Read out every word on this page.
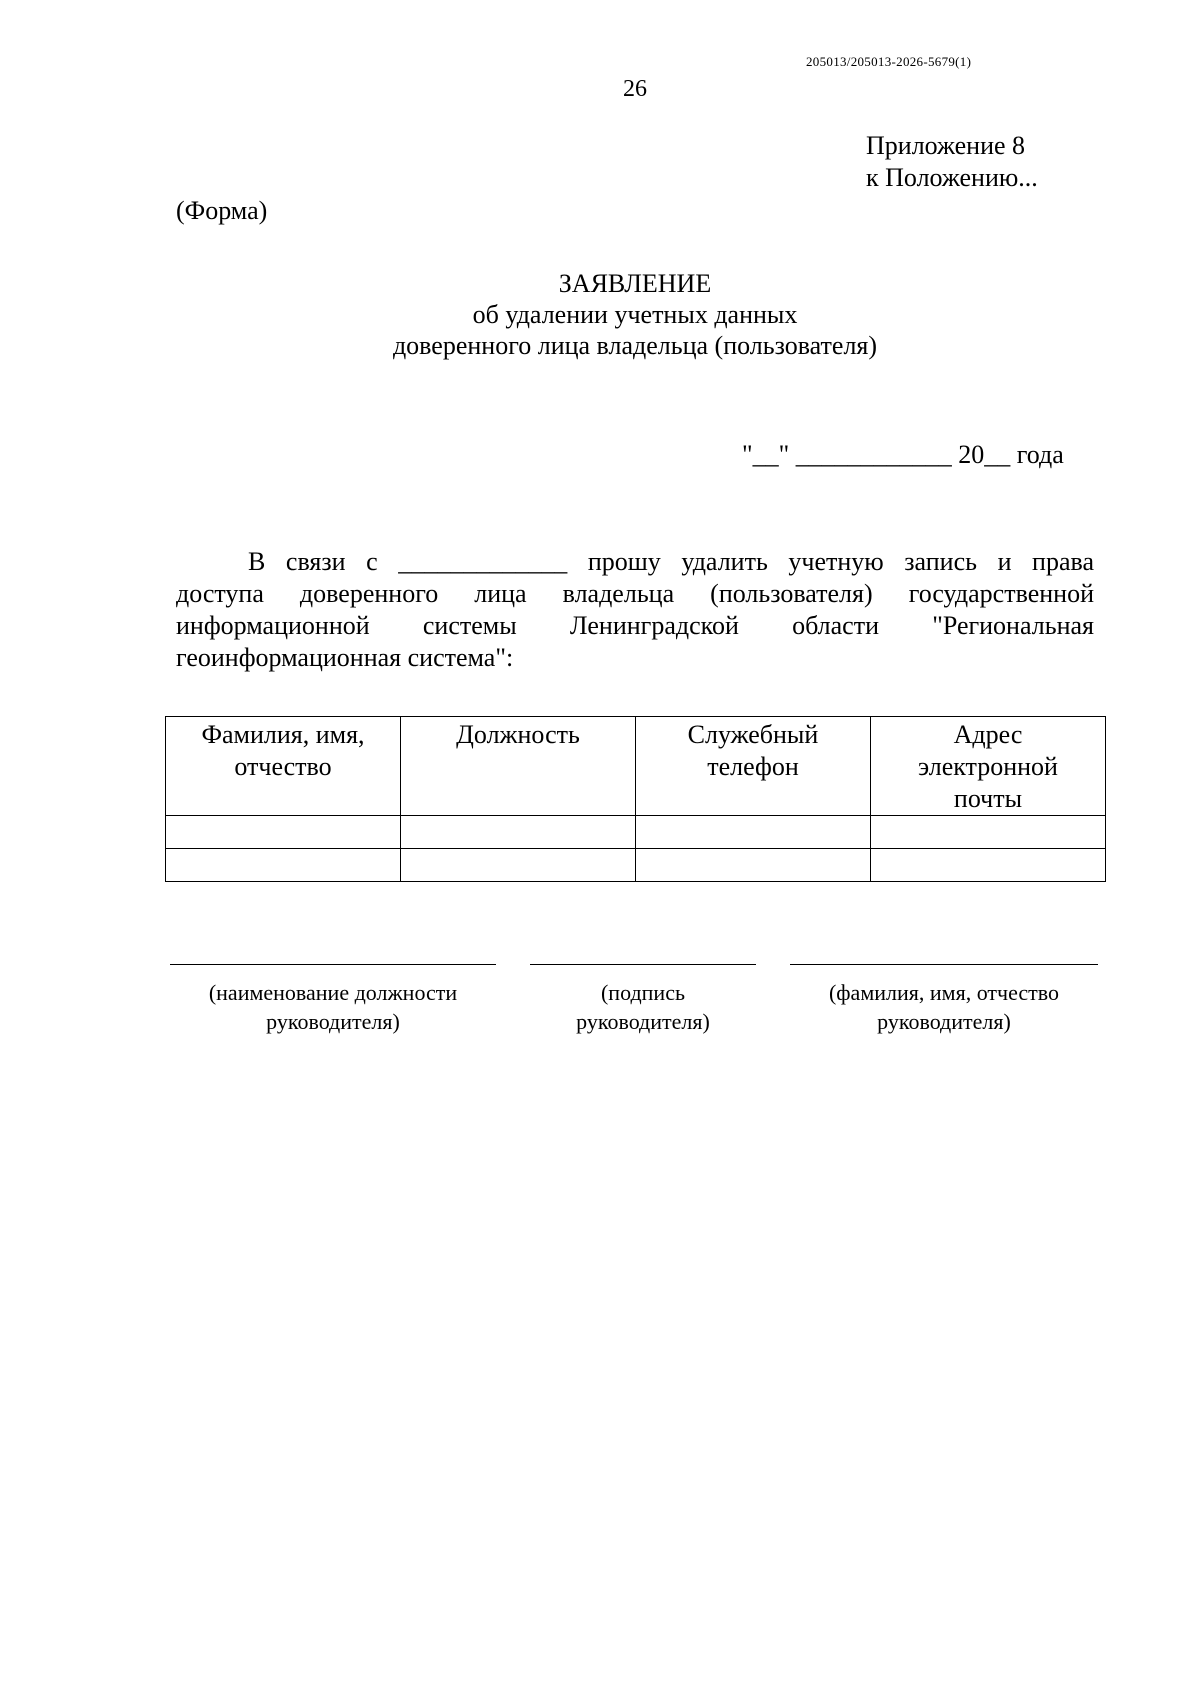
205013/205013-2026-5679(1)
26
Приложение 8
к Положению...
(Форма)
ЗАЯВЛЕНИЕ
об удалении учетных данных
доверенного лица владельца (пользователя)
"__" ____________ 20__ года
В связи с _____________ прошу удалить учетную запись и права
доступа доверенного лица владельца (пользователя) государственной
информационной системы Ленинградской области "Региональная
геоинформационная система":
Фамилия, имя, отчество	Должность	Служебный телефон	Адрес электронной почты

(наименование должности руководителя)
(подпись руководителя)
(фамилия, имя, отчество руководителя)
